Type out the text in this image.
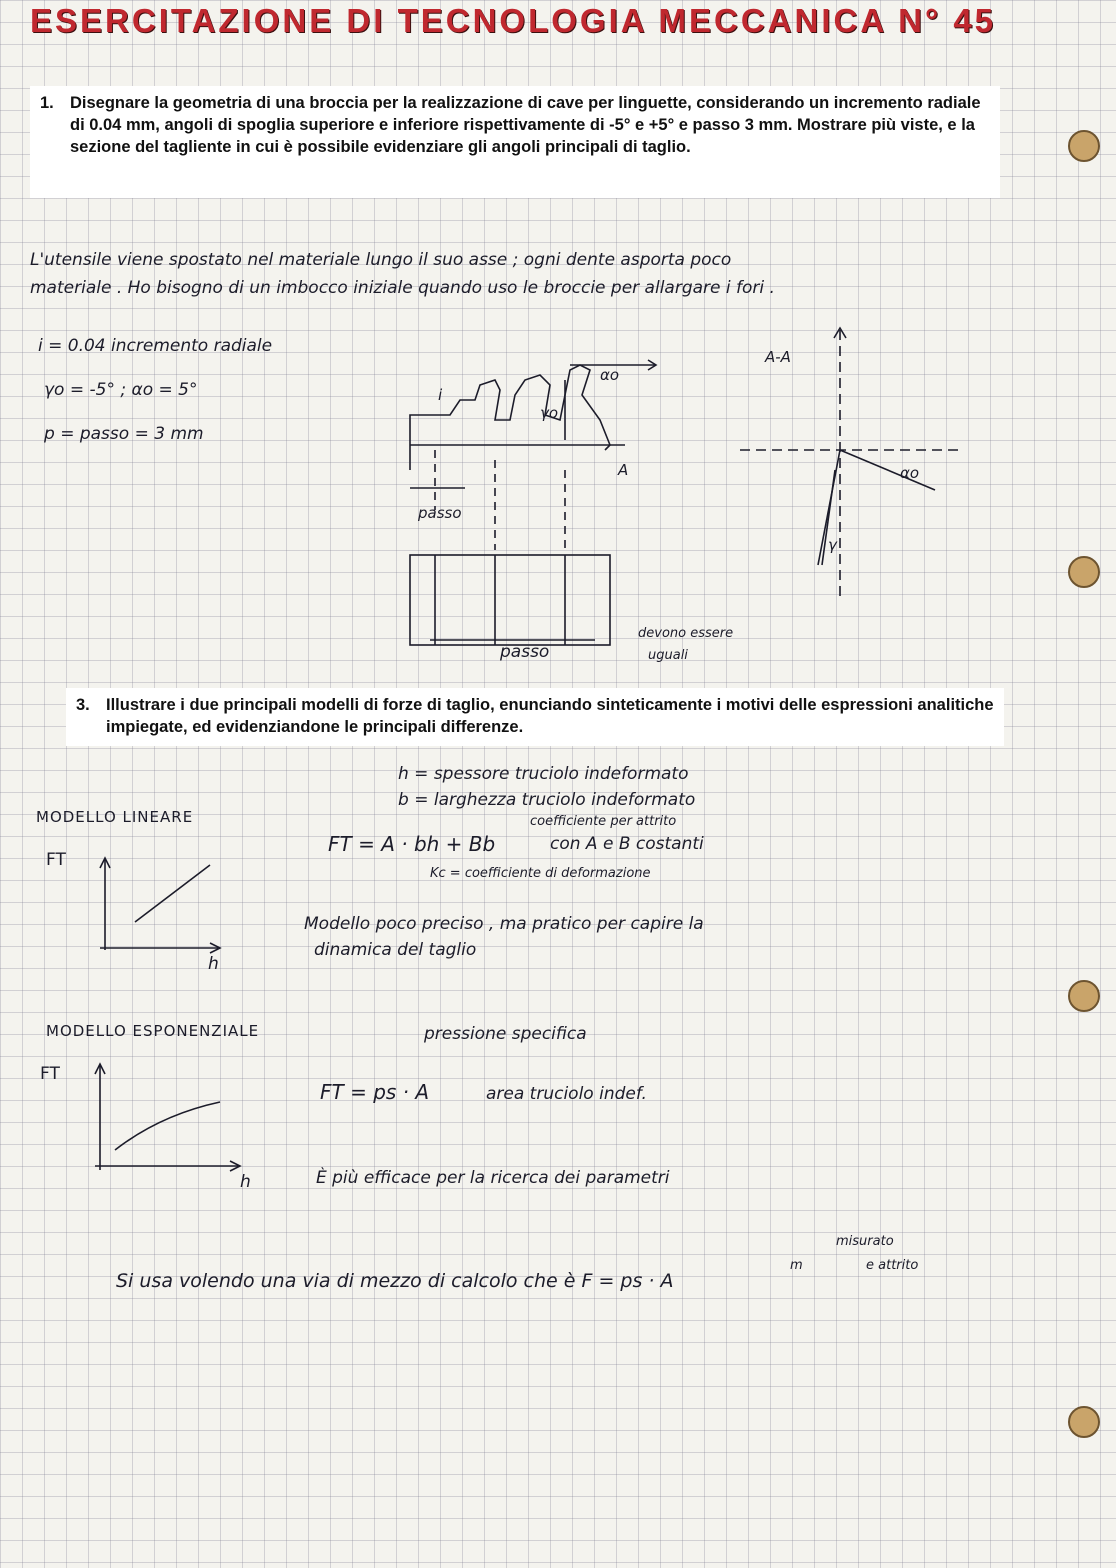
ESERCITAZIONE DI TECNOLOGIA MECCANICA N° 45
1. Disegnare la geometria di una broccia per la realizzazione di cave per linguette, considerando un incremento radiale di 0.04 mm, angoli di spoglia superiore e inferiore rispettivamente di -5° e +5° e passo 3 mm. Mostrare più viste, e la sezione del tagliente in cui è possibile evidenziare gli angoli principali di taglio.

L'utensile viene spostato nel materiale lungo il suo asse ; ogni dente asporta poco

materiale . Ho bisogno di un imbocco iniziale quando uso le broccie per allargare i fori .

i = 0.04 incremento radiale

γo = -5° ; αo = 5°

p = passo = 3 mm

i
γo
αo
A
passo

passo

devono essere

uguali

A-A
αo
γ
3. Illustrare i due principali modelli di forze di taglio, enunciando sinteticamente i motivi delle espressioni analitiche impiegate, ed evidenziandone le principali differenze.

h = spessore truciolo indeformato

b = larghezza truciolo indeformato

coefficiente per attrito

MODELLO LINEARE

FT = A · bh + Bb	con A e B costanti

Kc = coefficiente di deformazione

Modello poco preciso , ma pratico per capire la

dinamica del taglio

FT

h

MODELLO ESPONENZIALE	pressione specifica

FT = ps · A	area truciolo indef.

È più efficace per la ricerca dei parametri

FT

h

Si usa volendo una via di mezzo di calcolo che è F = ps · A

m

misurato

e attrito
